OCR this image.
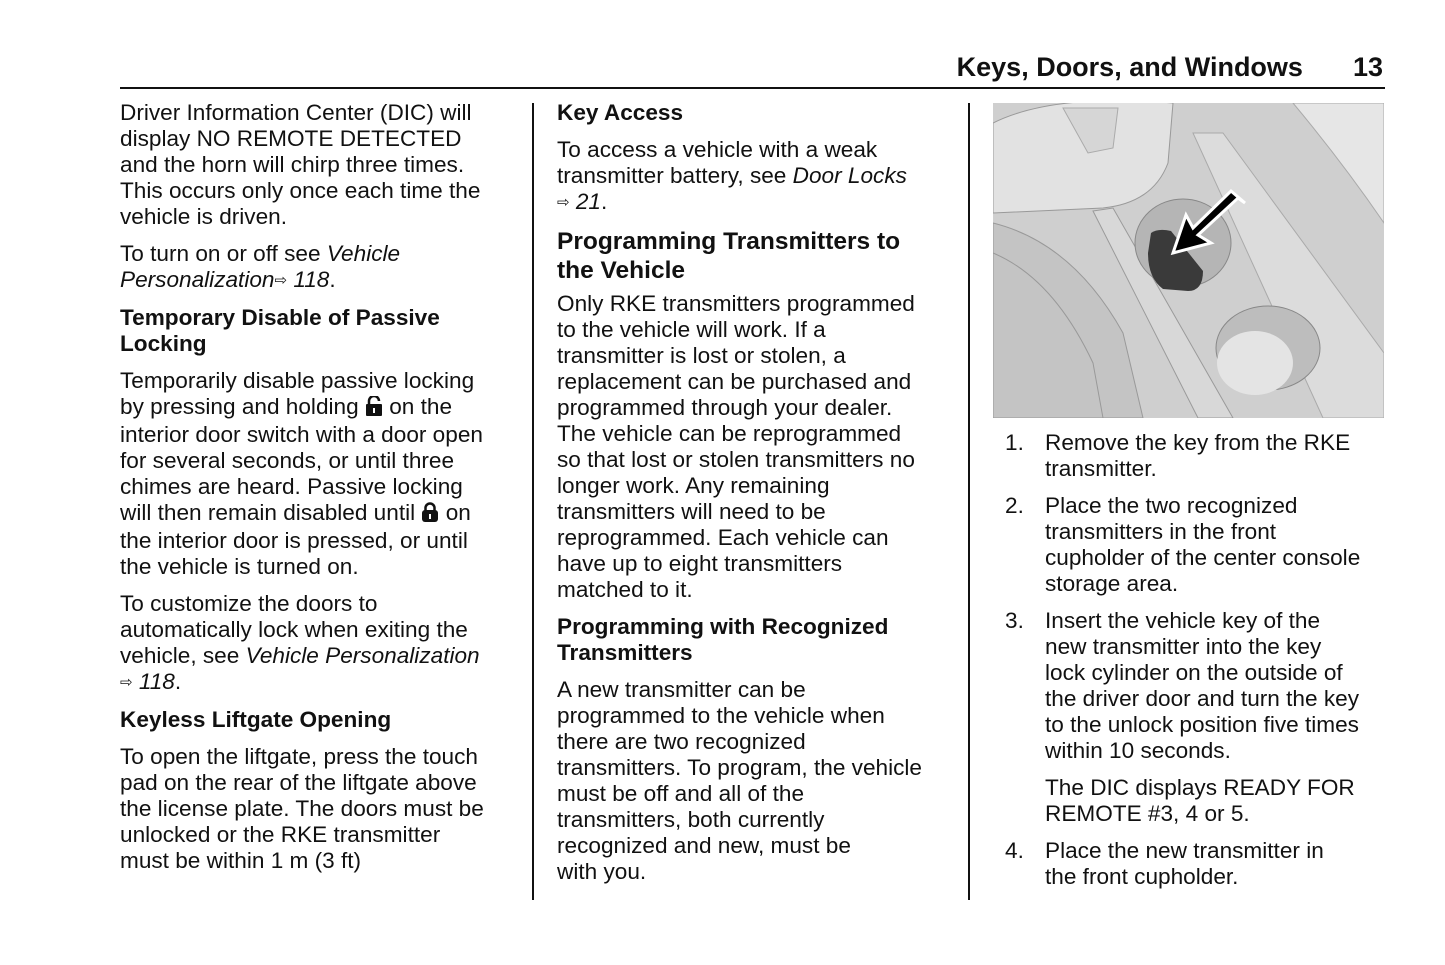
Keys, Doors, and Windows 13
Driver Information Center (DIC) will
display NO REMOTE DETECTED
and the horn will chirp three times.
This occurs only once each time the
vehicle is driven.
To turn on or off see Vehicle
Personalization⇨ 118.
Temporary Disable of Passive
Locking
Temporarily disable passive locking
by pressing and holding  on the
interior door switch with a door open
for several seconds, or until three
chimes are heard. Passive locking
will then remain disabled until  on
the interior door is pressed, or until
the vehicle is turned on.
To customize the doors to
automatically lock when exiting the
vehicle, see Vehicle Personalization
⇨ 118.
Keyless Liftgate Opening
To open the liftgate, press the touch
pad on the rear of the liftgate above
the license plate. The doors must be
unlocked or the RKE transmitter
must be within 1 m (3 ft)
Key Access
To access a vehicle with a weak
transmitter battery, see Door Locks
⇨ 21.
Programming Transmitters to
the Vehicle
Only RKE transmitters programmed
to the vehicle will work. If a
transmitter is lost or stolen, a
replacement can be purchased and
programmed through your dealer.
The vehicle can be reprogrammed
so that lost or stolen transmitters no
longer work. Any remaining
transmitters will need to be
reprogrammed. Each vehicle can
have up to eight transmitters
matched to it.
Programming with Recognized
Transmitters
A new transmitter can be
programmed to the vehicle when
there are two recognized
transmitters. To program, the vehicle
must be off and all of the
transmitters, both currently
recognized and new, must be
with you.
1. Remove the key from the RKE
transmitter.
2. Place the two recognized
transmitters in the front
cupholder of the center console
storage area.
3. Insert the vehicle key of the
new transmitter into the key
lock cylinder on the outside of
the driver door and turn the key
to the unlock position five times
within 10 seconds.
The DIC displays READY FOR
REMOTE #3, 4 or 5.
4. Place the new transmitter in
the front cupholder.
